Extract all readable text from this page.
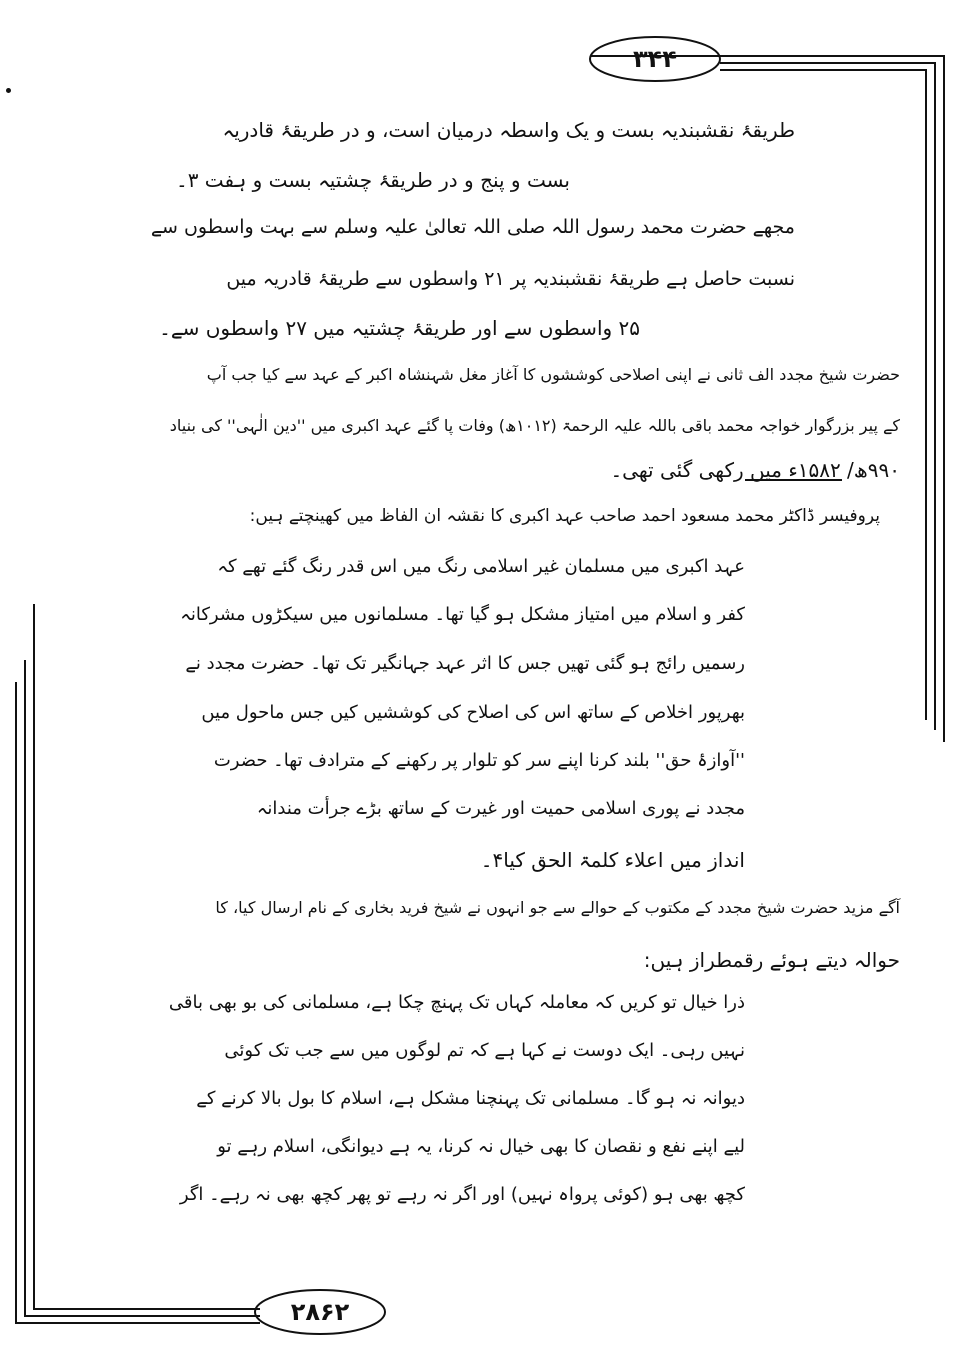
۳۴۴
۲۸۶۲
طریقۂ نقشبندیہ بست و یک واسطہ درمیان است، و در طریقۂ قادریہ
بست و پنج و در طریقۂ چشتیہ بست و ہفت ۳۔
مجھے حضرت محمد رسول اللہ صلی اللہ تعالیٰ علیہ وسلم سے بہت واسطوں سے
نسبت حاصل ہے طریقۂ نقشبندیہ پر ۲۱ واسطوں سے طریقۂ قادریہ میں
۲۵ واسطوں سے اور طریقۂ چشتیہ میں ۲۷ واسطوں سے۔
حضرت شیخ مجدد الف ثانی نے اپنی اصلاحی کوششوں کا آغاز مغل شہنشاہ اکبر کے عہد سے کیا جب آپ
کے پیر بزرگوار خواجہ محمد باقی باللہ علیہ الرحمۃ (۱۰۱۲ھ) وفات پا گئے عہد اکبری میں ''دین الٰہی'' کی بنیاد
۹۹۰ھ/ ۱۵۸۲ء میں رکھی گئی تھی۔
پروفیسر ڈاکٹر محمد مسعود احمد صاحب عہد اکبری کا نقشہ ان الفاظ میں کھینچتے ہیں:
عہد اکبری میں مسلمان غیر اسلامی رنگ میں اس قدر رنگ گئے تھے کہ
کفر و اسلام میں امتیاز مشکل ہو گیا تھا۔ مسلمانوں میں سیکڑوں مشرکانہ
رسمیں رائج ہو گئی تھیں جس کا اثر عہد جہانگیر تک تھا۔ حضرت مجدد نے
بھرپور اخلاص کے ساتھ اس کی اصلاح کی کوششیں کیں جس ماحول میں
''آوازۂ حق'' بلند کرنا اپنے سر کو تلوار پر رکھنے کے مترادف تھا۔ حضرت
مجدد نے پوری اسلامی حمیت اور غیرت کے ساتھ بڑے جرأت مندانہ
انداز میں اعلاء کلمۃ الحق کیا۴۔
آگے مزید حضرت شیخ مجدد کے مکتوب کے حوالے سے جو انہوں نے شیخ فرید بخاری کے نام ارسال کیا، کا
حوالہ دیتے ہوئے رقمطراز ہیں:
ذرا خیال تو کریں کہ معاملہ کہاں تک پہنچ چکا ہے، مسلمانی کی بو بھی باقی
نہیں رہی۔ ایک دوست نے کہا ہے کہ تم لوگوں میں سے جب تک کوئی
دیوانہ نہ ہو گا۔ مسلمانی تک پہنچنا مشکل ہے، اسلام کا بول بالا کرنے کے
لیے اپنے نفع و نقصان کا بھی خیال نہ کرنا، یہ ہے دیوانگی، اسلام رہے تو
کچھ بھی ہو (کوئی پرواہ نہیں) اور اگر نہ رہے تو پھر کچھ بھی نہ رہے۔ اگر
